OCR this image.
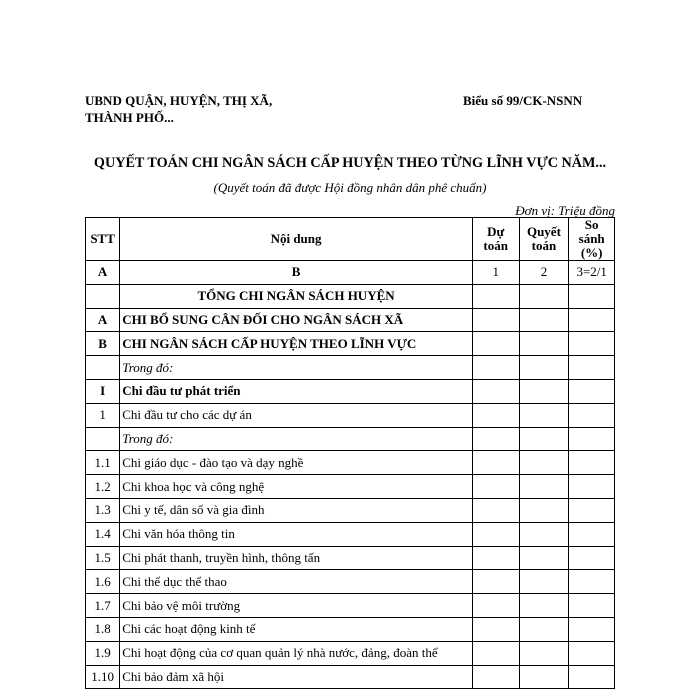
UBND QUẬN, HUYỆN, THỊ XÃ,
THÀNH PHỐ...
Biểu số 99/CK-NSNN
QUYẾT TOÁN CHI NGÂN SÁCH CẤP HUYỆN THEO TỪNG LĨNH VỰC NĂM...
(Quyết toán đã được Hội đồng nhân dân phê chuẩn)
Đơn vị: Triệu đồng
STT	Nội dung	Dự toán	Quyết toán	So sánh (%)
A	B	1	2	3=2/1
	TỔNG CHI NGÂN SÁCH HUYỆN			
A	CHI BỔ SUNG CÂN ĐỐI CHO NGÂN SÁCH XÃ			
B	CHI NGÂN SÁCH CẤP HUYỆN THEO LĨNH VỰC			
	Trong đó:			
I	Chi đầu tư phát triển			
1	Chi đầu tư cho các dự án			
	Trong đó:			
1.1	Chi giáo dục - đào tạo và dạy nghề			
1.2	Chi khoa học và công nghệ			
1.3	Chi y tế, dân số và gia đình			
1.4	Chi văn hóa thông tin			
1.5	Chi phát thanh, truyền hình, thông tấn			
1.6	Chi thể dục thể thao			
1.7	Chi bảo vệ môi trường			
1.8	Chi các hoạt động kinh tế			
1.9	Chi hoạt động của cơ quan quản lý nhà nước, đảng, đoàn thể			
1.10	Chi bảo đảm xã hội			
